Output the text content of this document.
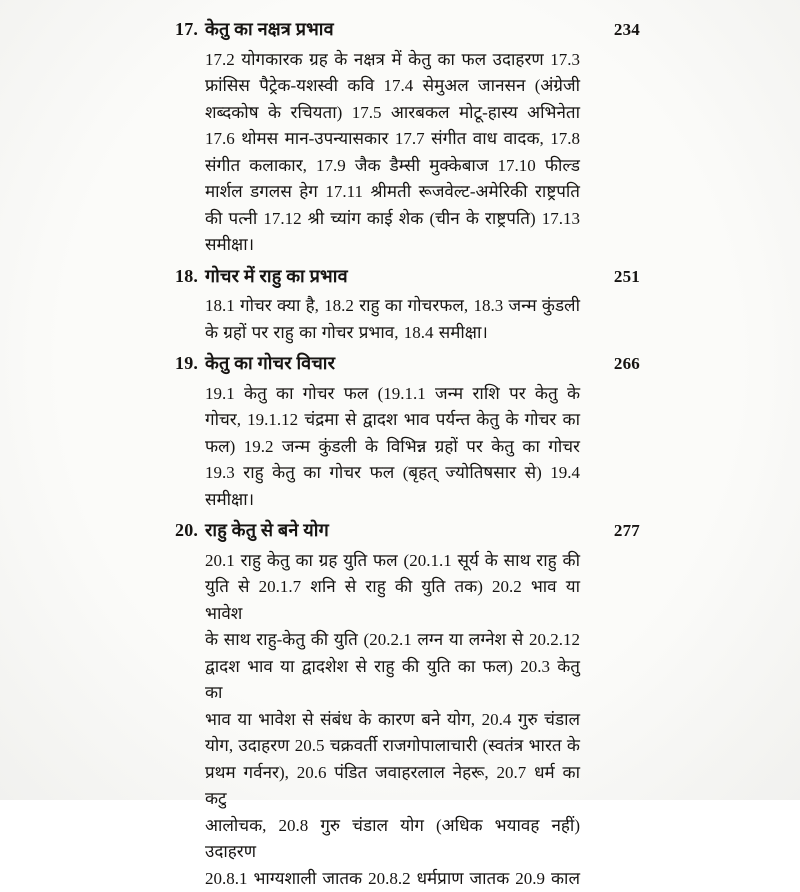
17. केतु का नक्षत्र प्रभाव	234
17.2 योगकारक ग्रह के नक्षत्र में केतु का फल उदाहरण 17.3
फ्रांसिस पैट्रेक-यशस्वी कवि 17.4 सेमुअल जानसन (अंग्रेजी
शब्दकोष के रचियता) 17.5 आरबकल मोटू-हास्य अभिनेता
17.6 थोमस मान-उपन्यासकार 17.7 संगीत वाध वादक, 17.8
संगीत कलाकार, 17.9 जैक डैम्सी मुक्केबाज 17.10 फील्ड
मार्शल डगलस हेग 17.11 श्रीमती रूजवेल्ट-अमेरिकी राष्ट्रपति
की पत्नी 17.12 श्री च्यांग काई शेक (चीन के राष्ट्रपति) 17.13
समीक्षा।
18. गोचर में राहु का प्रभाव	251
18.1 गोचर क्या है, 18.2 राहु का गोचरफल, 18.3 जन्म कुंडली
के ग्रहों पर राहु का गोचर प्रभाव, 18.4 समीक्षा।
19. केतु का गोचर विचार	266
19.1 केतु का गोचर फल (19.1.1 जन्म राशि पर केतु के
गोचर, 19.1.12 चंद्रमा से द्वादश भाव पर्यन्त केतु के गोचर का
फल) 19.2 जन्म कुंडली के विभिन्न ग्रहों पर केतु का गोचर
19.3 राहु केतु का गोचर फल (बृहत् ज्योतिषसार से) 19.4
समीक्षा।
20. राहु केतु से बने योग	277
20.1 राहु केतु का ग्रह युति फल (20.1.1 सूर्य के साथ राहु की
युति से 20.1.7 शनि से राहु की युति तक) 20.2 भाव या भावेश
के साथ राहु-केतु की युति (20.2.1 लग्न या लग्नेश से 20.2.12
द्वादश भाव या द्वादशेश से राहु की युति का फल) 20.3 केतु का
भाव या भावेश से संबंध के कारण बने योग, 20.4 गुरु चंडाल
योग, उदाहरण 20.5 चक्रवर्ती राजगोपालाचारी (स्वतंत्र भारत के
प्रथम गर्वनर), 20.6 पंडित जवाहरलाल नेहरू, 20.7 धर्म का कटु
आलोचक, 20.8 गुरु चंडाल योग (अधिक भयावह नहीं) उदाहरण
20.8.1 भाग्यशाली जातक 20.8.2 धर्मप्राण जातक 20.9 काल
